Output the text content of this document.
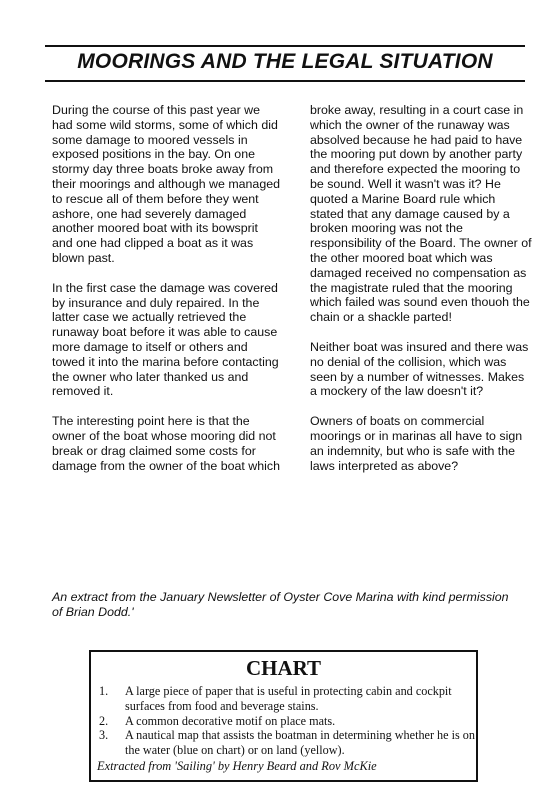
MOORINGS AND THE LEGAL SITUATION

During the course of this past year we had some wild storms, some of which did some damage to moored vessels in exposed positions in the bay. On one stormy day three boats broke away from their moorings and although we managed to rescue all of them before they went ashore, one had severely damaged another moored boat with its bowsprit and one had clipped a boat as it was blown past.

In the first case the damage was covered by insurance and duly repaired. In the latter case we actually retrieved the runaway boat before it was able to cause more damage to itself or others and towed it into the marina before contacting the owner who later thanked us and removed it.

The interesting point here is that the owner of the boat whose mooring did not break or drag claimed some costs for damage from the owner of the boat which

broke away, resulting in a court case in which the owner of the runaway was absolved because he had paid to have the mooring put down by another party and therefore expected the mooring to be sound. Well it wasn't was it? He quoted a Marine Board rule which stated that any damage caused by a broken mooring was not the responsibility of the Board. The owner of the other moored boat which was damaged received no compensation as the magistrate ruled that the mooring which failed was sound even thouoh the chain or a shackle parted!

Neither boat was insured and there was no denial of the collision, which was seen by a number of witnesses. Makes a mockery of the law doesn't it?

Owners of boats on commercial moorings or in marinas all have to sign an indemnity, but who is safe with the laws interpreted as above?

An extract from the January Newsletter of Oyster Cove Marina with kind permission of Brian Dodd.'

CHART
1. A large piece of paper that is useful in protecting cabin and cockpit surfaces from food and beverage stains.
2. A common decorative motif on place mats.
3. A nautical map that assists the boatman in determining whether he is on the water (blue on chart) or on land (yellow).
Extracted from 'Sailing' by Henry Beard and Rov McKie
